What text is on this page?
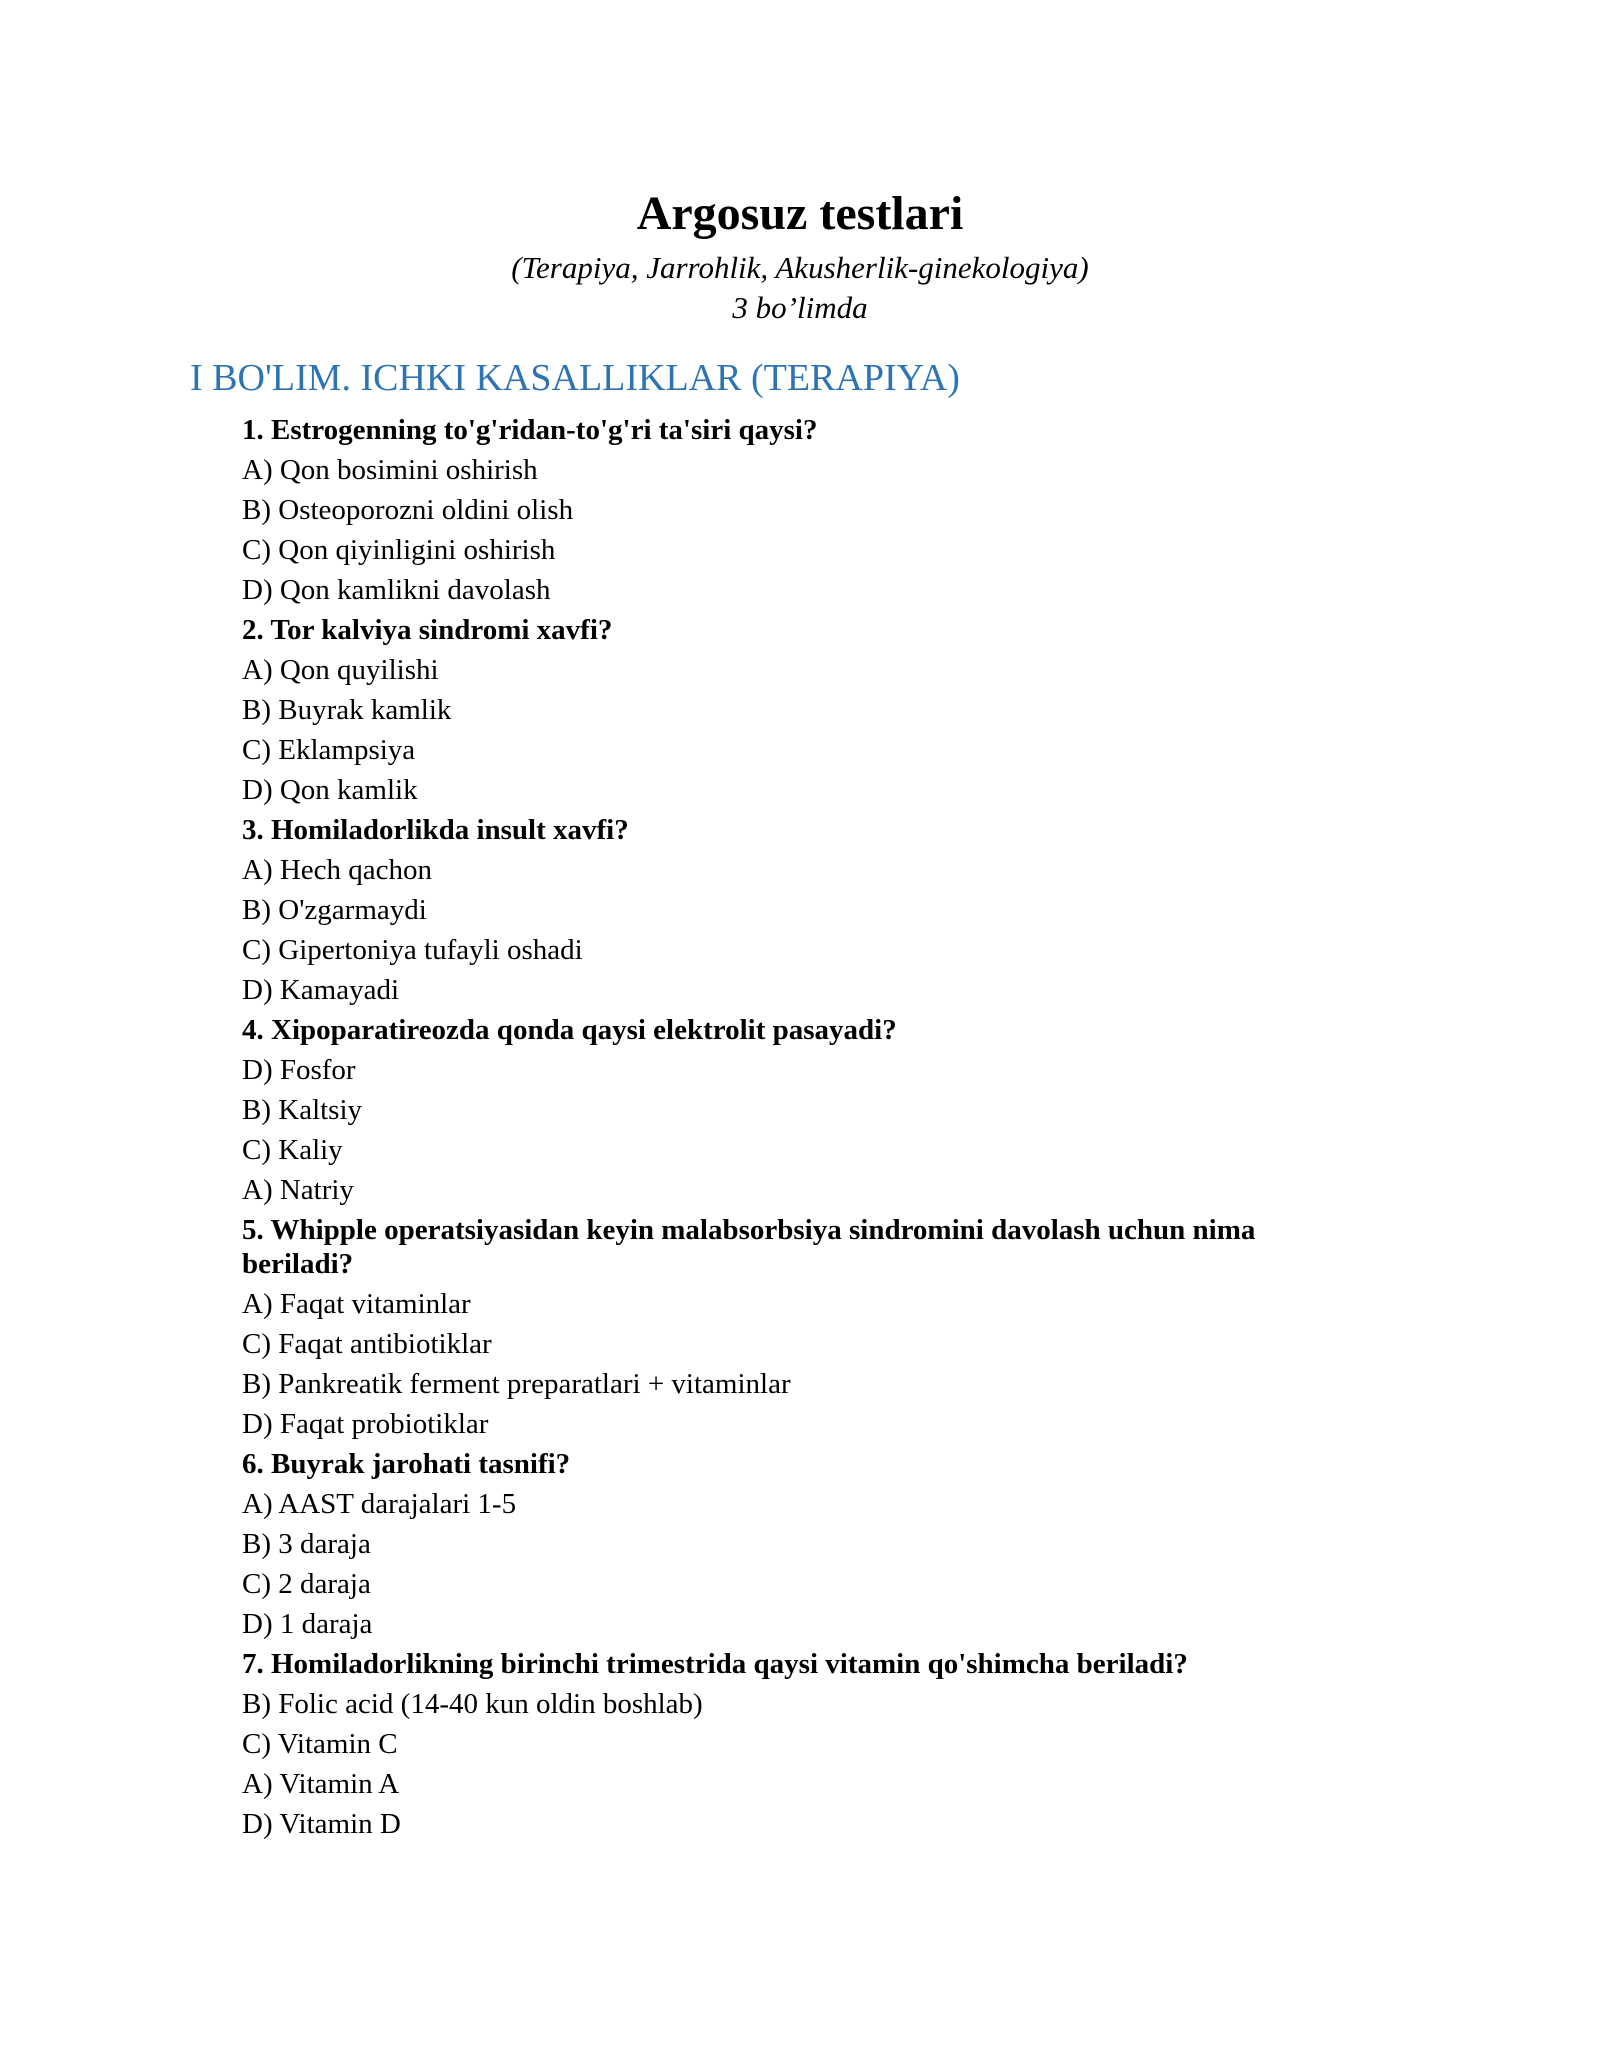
Argosuz testlari
(Terapiya, Jarrohlik, Akusherlik-ginekologiya)
3 bo’limda
I BO'LIM. ICHKI KASALLIKLAR (TERAPIYA)
1. Estrogenning to'g'ridan-to'g'ri ta'siri qaysi?
A) Qon bosimini oshirish
B) Osteoporozni oldini olish
C) Qon qiyinligini oshirish
D) Qon kamlikni davolash
2. Tor kalviya sindromi xavfi?
A) Qon quyilishi
B) Buyrak kamlik
C) Eklampsiya
D) Qon kamlik
3. Homiladorlikda insult xavfi?
A) Hech qachon
B) O'zgarmaydi
C) Gipertoniya tufayli oshadi
D) Kamayadi
4. Xipoparatireozda qonda qaysi elektrolit pasayadi?
D) Fosfor
B) Kaltsiy
C) Kaliy
A) Natriy
5. Whipple operatsiyasidan keyin malabsorbsiya sindromini davolash uchun nima beriladi?
A) Faqat vitaminlar
C) Faqat antibiotiklar
B) Pankreatik ferment preparatlari + vitaminlar
D) Faqat probiotiklar
6. Buyrak jarohati tasnifi?
A) AAST darajalari 1-5
B) 3 daraja
C) 2 daraja
D) 1 daraja
7. Homiladorlikning birinchi trimestrida qaysi vitamin qo'shimcha beriladi?
B) Folic acid (14-40 kun oldin boshlab)
C) Vitamin C
A) Vitamin A
D) Vitamin D
